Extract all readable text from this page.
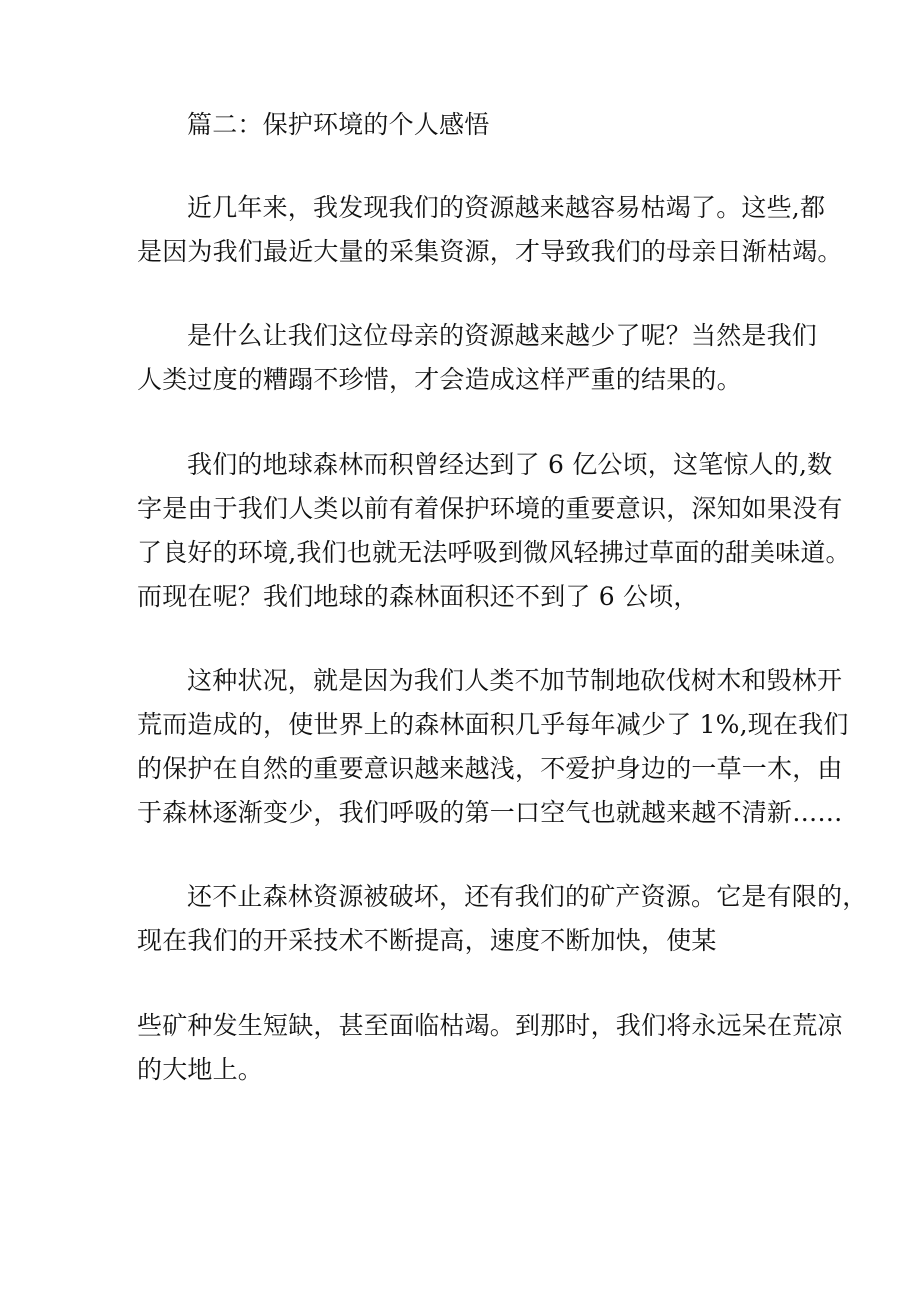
篇二：保护环境的个人感悟
近几年来，我发现我们的资源越来越容易枯竭了。这些,都
是因为我们最近大量的采集资源，才导致我们的母亲日渐枯竭。
是什么让我们这位母亲的资源越来越少了呢？当然是我们
人类过度的糟蹋不珍惜，才会造成这样严重的结果的。
我们的地球森林而积曾经达到了 6 亿公顷，这笔惊人的,数
字是由于我们人类以前有着保护环境的重要意识，深知如果没有
了良好的环境,我们也就无法呼吸到微风轻拂过草面的甜美味道。
而现在呢？我们地球的森林面积还不到了 6 公顷，
这种状况，就是因为我们人类不加节制地砍伐树木和毁林开
荒而造成的，使世界上的森林面积几乎每年减少了 1%,现在我们
的保护在自然的重要意识越来越浅，不爱护身边的一草一木，由
于森林逐渐变少，我们呼吸的第一口空气也就越来越不清新……
还不止森林资源被破坏，还有我们的矿产资源。它是有限的，
现在我们的开采技术不断提高，速度不断加快，使某
些矿种发生短缺，甚至面临枯竭。到那时，我们将永远呆在荒凉
的大地上。
